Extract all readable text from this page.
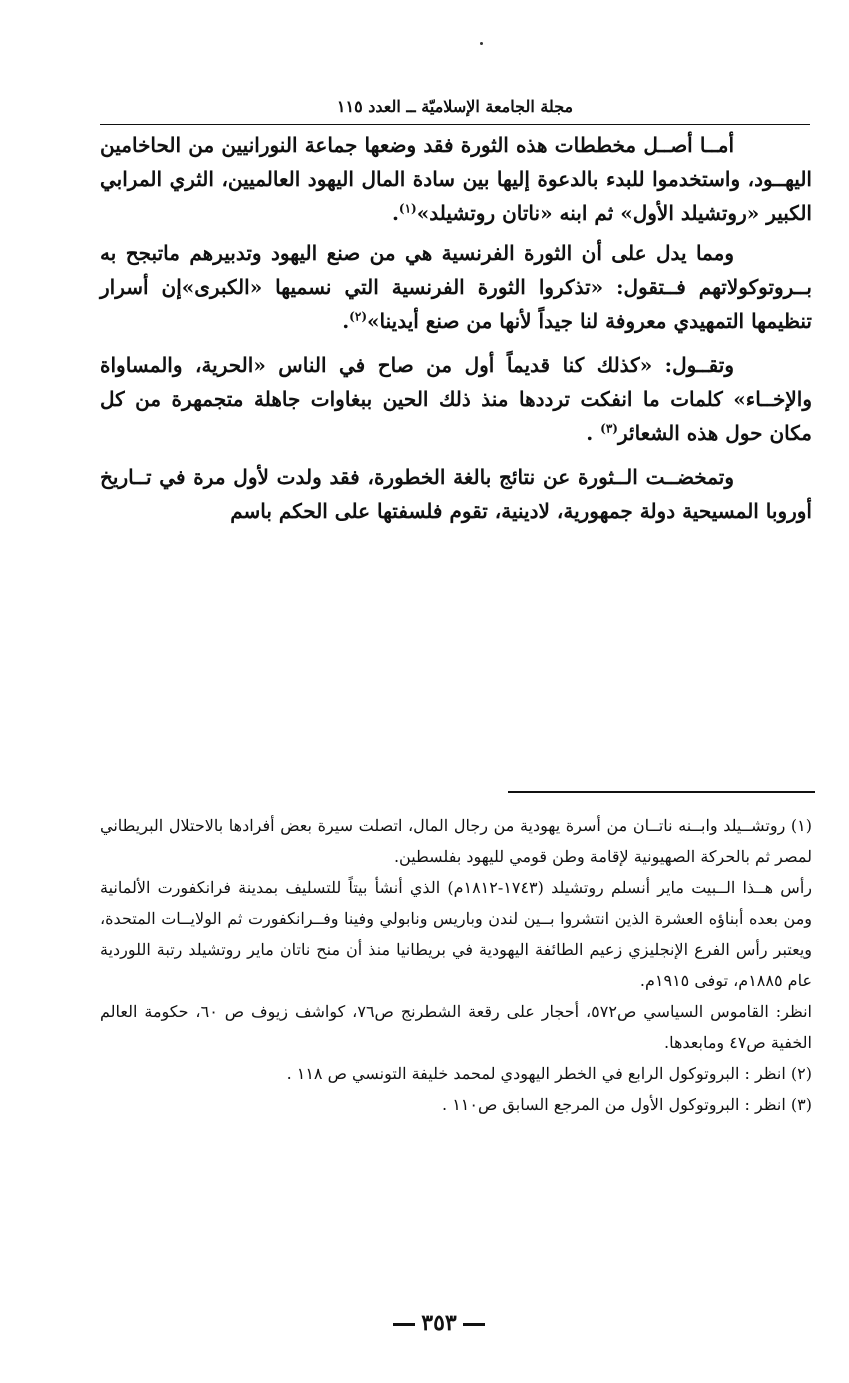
مجلة الجامعة الإسلاميّة ــ العدد ١١٥

أمــا أصــل مخططات هذه الثورة فقد وضعها جماعة النورانيين من الحاخامين اليهــود، واستخدموا للبدء بالدعوة إليها بين سادة المال اليهود العالميين، الثري المرابي الكبير «روتشيلد الأول» ثم ابنه «ناتان روتشيلد»$^{(١)}$.

ومما يدل على أن الثورة الفرنسية هي من صنع اليهود وتدبيرهم ماتبجح به بــروتوكولاتهم فــتقول: «تذكروا الثورة الفرنسية التي نسميها «الكبرى»إن أسرار تنظيمها التمهيدي معروفة لنا جيداً لأنها من صنع أيدينا»$^{(٢)}$.

وتقــول: «كذلك كنا قديماً أول من صاح في الناس «الحرية، والمساواة والإخــاء» كلمات ما انفكت ترددها منذ ذلك الحين ببغاوات جاهلة متجمهرة من كل مكان حول هذه الشعائر$^{(٣)}$ .

وتمخضــت الــثورة عن نتائج بالغة الخطورة، فقد ولدت لأول مرة في تــاريخ أوروبا المسيحية دولة جمهورية، لادينية، تقوم فلسفتها على الحكم باسم

(١) روتشــيلد وابــنه ناتــان من أسرة يهودية من رجال المال، اتصلت سيرة بعض أفرادها بالاحتلال البريطاني لمصر ثم بالحركة الصهيونية لإقامة وطن قومي لليهود بفلسطين.

رأس هــذا الــبيت ماير أنسلم روتشيلد (١٧٤٣-١٨١٢م) الذي أنشأ بيتاً للتسليف بمدينة فرانكفورت الألمانية ومن بعده أبناؤه العشرة الذين انتشروا بــين لندن وباريس ونابولي وفينا وفــرانكفورت ثم الولايــات المتحدة، ويعتبر رأس الفرع الإنجليزي زعيم الطائفة اليهودية في بريطانيا منذ أن منح ناتان ماير روتشيلد رتبة اللوردية عام ١٨٨٥م، توفى ١٩١٥م.

انظر: القاموس السياسي ص٥٧٢، أحجار على رقعة الشطرنج ص٧٦، كواشف زيوف ص ٦٠، حكومة العالم الخفية ص٤٧ ومابعدها.

(٢) انظر : البروتوكول الرابع في الخطر اليهودي لمحمد خليفة التونسي ص ١١٨ .

(٣) انظر : البروتوكول الأول من المرجع السابق ص١١٠ .

٣٥٣
